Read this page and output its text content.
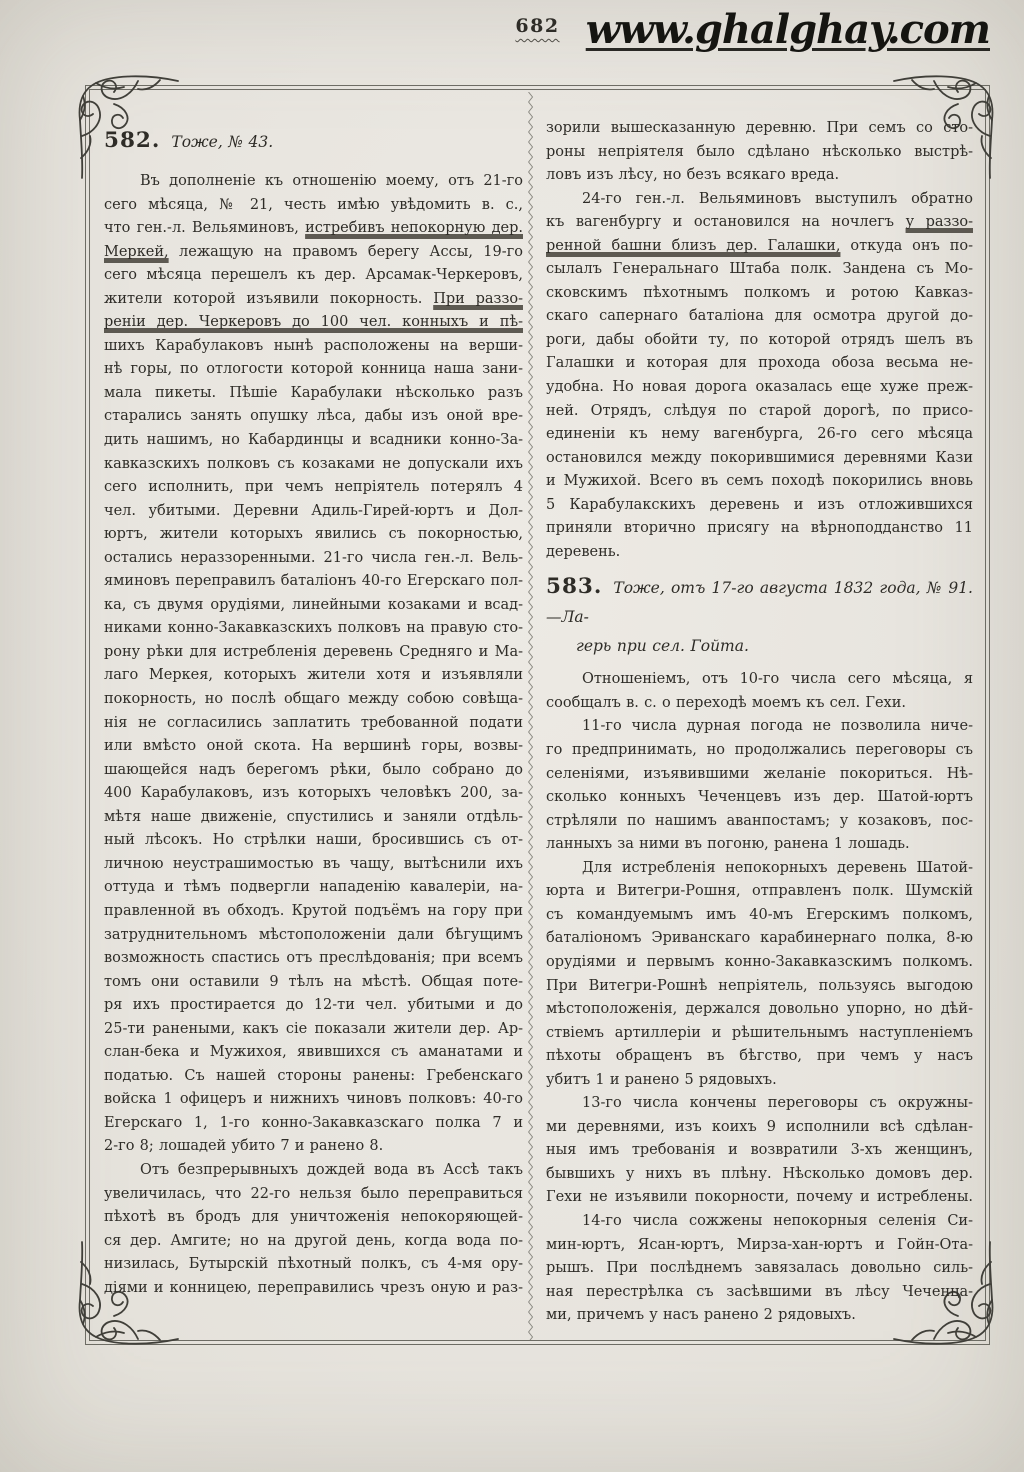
682 www.ghalghay.com
582. Тоже, № 43.
Въ дополненіе къ отношенію моему, отъ 21-го
сего мѣсяца, № 21, честь имѣю увѣдомить в. с.,
что ген.-л. Вельяминовъ, истребивъ непокорную дер.
Меркей, лежащую на правомъ берегу Ассы, 19-го
сего мѣсяца перешелъ къ дер. Арсамак-Черкеровъ,
жители которой изъявили покорность. При раззо-
реніи дер. Черкеровъ до 100 чел. конныхъ и пѣ-
шихъ Карабулаковъ нынѣ расположены на верши-
нѣ горы, по отлогости которой конница наша зани-
мала пикеты. Пѣшіе Карабулаки нѣсколько разъ
старались занять опушку лѣса, дабы изъ оной вре-
дить нашимъ, но Кабардинцы и всадники конно-За-
кавказскихъ полковъ съ козаками не допускали ихъ
сего исполнить, при чемъ непріятель потерялъ 4
чел. убитыми. Деревни Адиль-Гирей-юртъ и Дол-
юртъ, жители которыхъ явились съ покорностью,
остались нераззоренными. 21-го числа ген.-л. Вель-
яминовъ переправилъ баталіонъ 40-го Егерскаго пол-
ка, съ двумя орудіями, линейными козаками и всад-
никами конно-Закавказскихъ полковъ на правую сто-
рону рѣки для истребленія деревень Средняго и Ма-
лаго Меркея, которыхъ жители хотя и изъявляли
покорность, но послѣ общаго между собою совѣща-
нія не согласились заплатить требованной подати
или вмѣсто оной скота. На вершинѣ горы, возвы-
шающейся надъ берегомъ рѣки, было собрано до
400 Карабулаковъ, изъ которыхъ человѣкъ 200, за-
мѣтя наше движеніе, спустились и заняли отдѣль-
ный лѣсокъ. Но стрѣлки наши, бросившись съ от-
личною неустрашимостью въ чащу, вытѣснили ихъ
оттуда и тѣмъ подвергли нападенію кавалеріи, на-
правленной въ обходъ. Крутой подъёмъ на гору при
затруднительномъ мѣстоположеніи дали бѣгущимъ
возможность спастись отъ преслѣдованія; при всемъ
томъ они оставили 9 тѣлъ на мѣстѣ. Общая поте-
ря ихъ простирается до 12-ти чел. убитыми и до
25-ти ранеными, какъ сіе показали жители дер. Ар-
слан-бека и Мужихоя, явившихся съ аманатами и
податью. Съ нашей стороны ранены: Гребенскаго
войска 1 офицеръ и нижнихъ чиновъ полковъ: 40-го
Егерскаго 1, 1-го конно-Закавказскаго полка 7 и
2-го 8; лошадей убито 7 и ранено 8.
Отъ безпрерывныхъ дождей вода въ Ассѣ такъ
увеличилась, что 22-го нельзя было переправиться
пѣхотѣ въ бродъ для уничтоженія непокоряющей-
ся дер. Амгите; но на другой день, когда вода по-
низилась, Бутырскій пѣхотный полкъ, съ 4-мя ору-
діями и конницею, переправились чрезъ оную и раз-
зорили вышесказанную деревню. При семъ со сто-
роны непріятеля было сдѣлано нѣсколько выстрѣ-
ловъ изъ лѣсу, но безъ всякаго вреда.
24-го ген.-л. Вельяминовъ выступилъ обратно
къ вагенбургу и остановился на ночлегъ у раззо-
ренной башни близъ дер. Галашки, откуда онъ по-
сылалъ Генеральнаго Штаба полк. Зандена съ Мо-
сковскимъ пѣхотнымъ полкомъ и ротою Кавказ-
скаго сапернаго баталіона для осмотра другой до-
роги, дабы обойти ту, по которой отрядъ шелъ въ
Галашки и которая для прохода обоза весьма не-
удобна. Но новая дорога оказалась еще хуже преж-
ней. Отрядъ, слѣдуя по старой дорогѣ, по присо-
единеніи къ нему вагенбурга, 26-го сего мѣсяца
остановился между покорившимися деревнями Кази
и Мужихой. Всего въ семъ походѣ покорились вновь
5 Карабулакскихъ деревень и изъ отложившихся
приняли вторично присягу на вѣрноподданство 11
деревень.
583. Тоже, отъ 17-го августа 1832 года, № 91.—Ла-
герь при сел. Гойта.
Отношеніемъ, отъ 10-го числа сего мѣсяца, я
сообщалъ в. с. о переходѣ моемъ къ сел. Гехи.
11-го числа дурная погода не позволила ниче-
го предпринимать, но продолжались переговоры съ
селеніями, изъявившими желаніе покориться. Нѣ-
сколько конныхъ Чеченцевъ изъ дер. Шатой-юртъ
стрѣляли по нашимъ аванпостамъ; у козаковъ, пос-
ланныхъ за ними въ погоню, ранена 1 лошадь.
Для истребленія непокорныхъ деревень Шатой-
юрта и Витегри-Рошня, отправленъ полк. Шумскій
съ командуемымъ имъ 40-мъ Егерскимъ полкомъ,
баталіономъ Эриванскаго карабинернаго полка, 8-ю
орудіями и первымъ конно-Закавказскимъ полкомъ.
При Витегри-Рошнѣ непріятель, пользуясь выгодою
мѣстоположенія, держался довольно упорно, но дѣй-
ствіемъ артиллеріи и рѣшительнымъ наступленіемъ
пѣхоты обращенъ въ бѣгство, при чемъ у насъ
убитъ 1 и ранено 5 рядовыхъ.
13-го числа кончены переговоры съ окружны-
ми деревнями, изъ коихъ 9 исполнили всѣ сдѣлан-
ныя имъ требованія и возвратили 3-хъ женщинъ,
бывшихъ у нихъ въ плѣну. Нѣсколько домовъ дер.
Гехи не изъявили покорности, почему и истреблены.
14-го числа сожжены непокорныя селенія Си-
мин-юртъ, Ясан-юртъ, Мирза-хан-юртъ и Гойн-Ота-
рышъ. При послѣднемъ завязалась довольно силь-
ная перестрѣлка съ засѣвшими въ лѣсу Чеченца-
ми, причемъ у насъ ранено 2 рядовыхъ.
